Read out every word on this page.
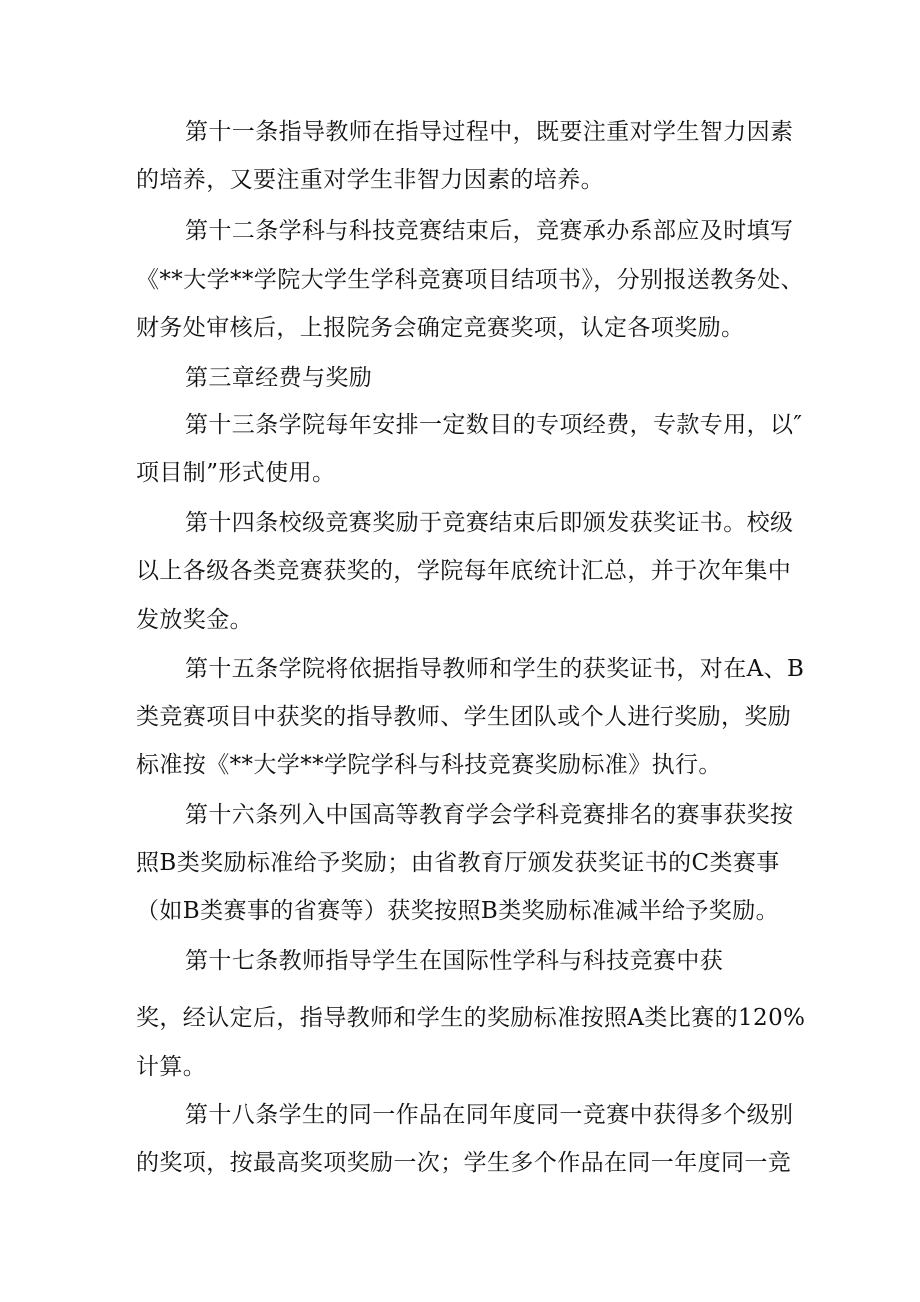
第十一条指导教师在指导过程中，既要注重对学生智力因素
的培养，又要注重对学生非智力因素的培养。
第十二条学科与科技竞赛结束后，竞赛承办系部应及时填写
《**大学**学院大学生学科竞赛项目结项书》，分别报送教务处、
财务处审核后，上报院务会确定竞赛奖项，认定各项奖励。
第三章经费与奖励
第十三条学院每年安排一定数目的专项经费，专款专用，以″
项目制”形式使用。
第十四条校级竞赛奖励于竞赛结束后即颁发获奖证书。校级
以上各级各类竞赛获奖的，学院每年底统计汇总，并于次年集中
发放奖金。
第十五条学院将依据指导教师和学生的获奖证书，对在A、B
类竞赛项目中获奖的指导教师、学生团队或个人进行奖励，奖励
标准按《**大学**学院学科与科技竞赛奖励标准》执行。
第十六条列入中国高等教育学会学科竞赛排名的赛事获奖按
照B类奖励标准给予奖励；由省教育厅颁发获奖证书的C类赛事
（如B类赛事的省赛等）获奖按照B类奖励标准减半给予奖励。
第十七条教师指导学生在国际性学科与科技竞赛中获
奖，经认定后，指导教师和学生的奖励标准按照A类比赛的120%
计算。
第十八条学生的同一作品在同年度同一竞赛中获得多个级别
的奖项，按最高奖项奖励一次；学生多个作品在同一年度同一竞
